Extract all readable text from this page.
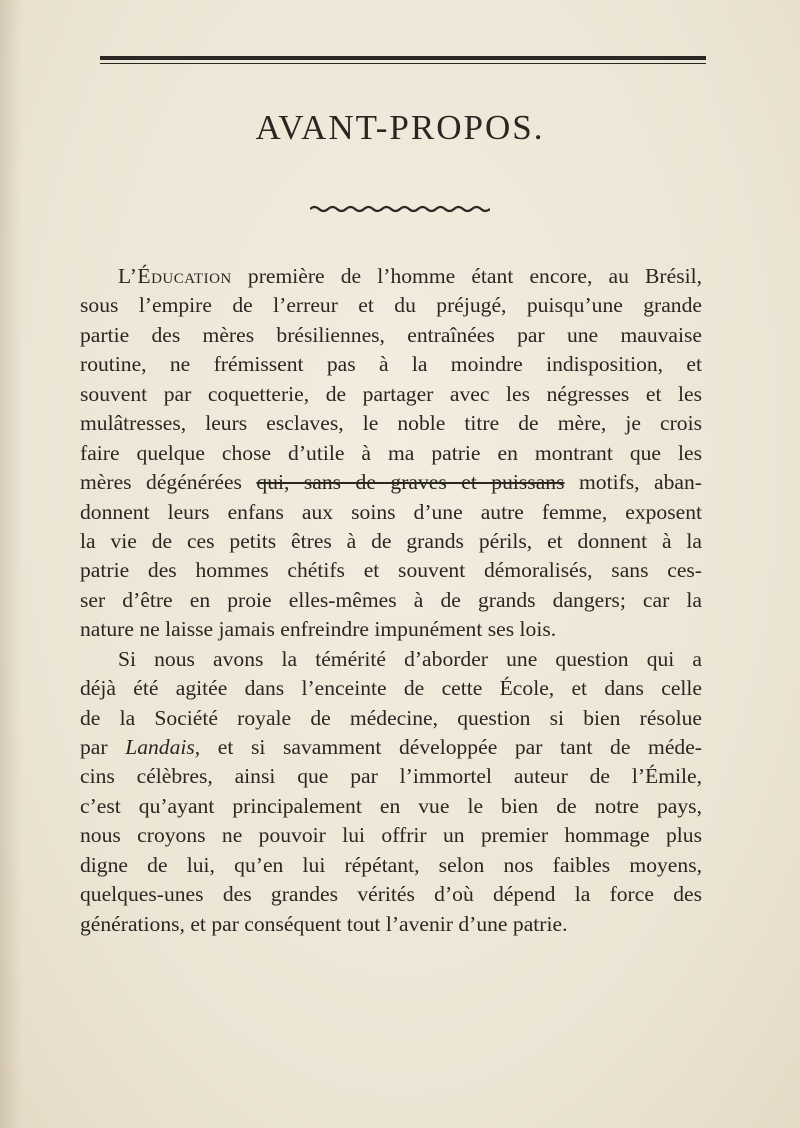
AVANT-PROPOS.
L’Éducation première de l’homme étant encore, au Brésil,
sous l’empire de l’erreur et du préjugé, puisqu’une grande
partie des mères brésiliennes, entraînées par une mauvaise
routine, ne frémissent pas à la moindre indisposition, et
souvent par coquetterie, de partager avec les négresses et les
mulâtresses, leurs esclaves, le noble titre de mère, je crois
faire quelque chose d’utile à ma patrie en montrant que les
mères dégénérées qui, sans de graves et puissans motifs, aban-
donnent leurs enfans aux soins d’une autre femme, exposent
la vie de ces petits êtres à de grands périls, et donnent à la
patrie des hommes chétifs et souvent démoralisés, sans ces-
ser d’être en proie elles-mêmes à de grands dangers; car la
nature ne laisse jamais enfreindre impunément ses lois.
Si nous avons la témérité d’aborder une question qui a
déjà été agitée dans l’enceinte de cette École, et dans celle
de la Société royale de médecine, question si bien résolue
par Landais, et si savamment développée par tant de méde-
cins célèbres, ainsi que par l’immortel auteur de l’Émile,
c’est qu’ayant principalement en vue le bien de notre pays,
nous croyons ne pouvoir lui offrir un premier hommage plus
digne de lui, qu’en lui répétant, selon nos faibles moyens,
quelques-unes des grandes vérités d’où dépend la force des
générations, et par conséquent tout l’avenir d’une patrie.
